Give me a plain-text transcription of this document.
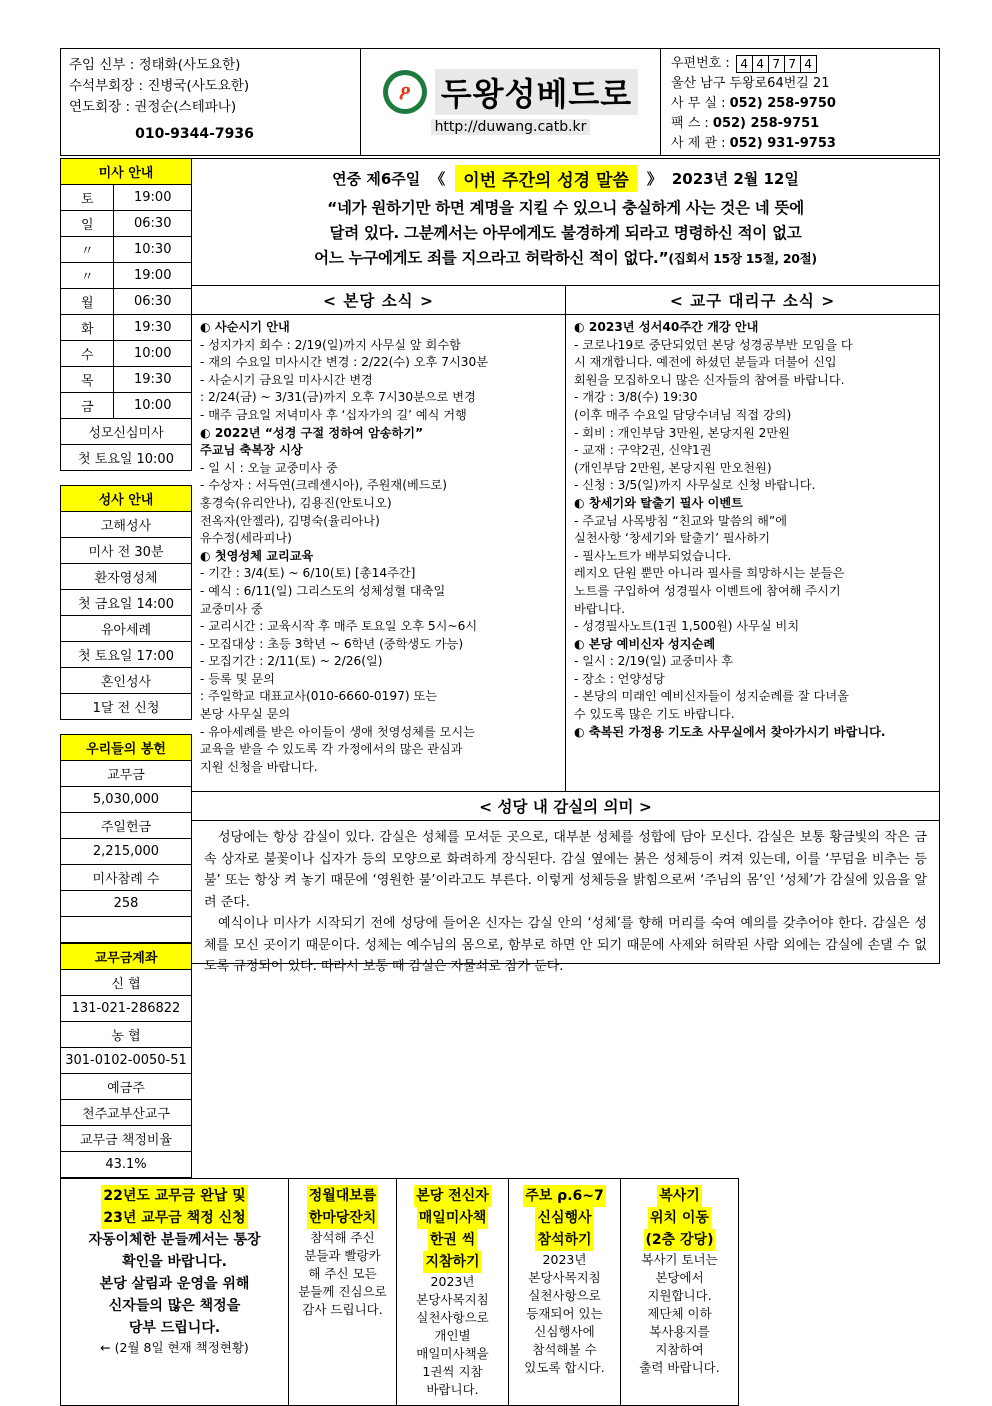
주임 신부 : 정태화(사도요한)
수석부회장 : 진병국(사도요한)
연도회장 : 권정순(스테파나)
010-9344-7936
ዖ 두왕성베드로
http://duwang.catb.kr
우편번호 : 4 4 7 7 4
울산 남구 두왕로64번길 21
사 무 실 : 052) 258-9750
팩 스 : 052) 258-9751
사 제 관 : 052) 931-9753
미사 안내	
토	19:00
일	06:30
〃	10:30
〃	19:00
월	06:30
화	19:30
수	10:00
목	19:30
금	10:00
성모신심미사	
첫 토요일 10:00	

성사 안내
고해성사
미사 전 30분
환자영성체
첫 금요일 14:00
유아세례
첫 토요일 17:00
혼인성사
1달 전 신청

우리들의 봉헌
교무금
5,030,000
주일헌금
2,215,000
미사참례 수
258

교무금계좌
신 협
131-021-286822
농 협
301-0102-0050-51
예금주
천주교부산교구
교무금 책정비율
43.1%
연중 제6주일 《	이번 주간의 성경 말씀	》 2023년 2월 12일
“네가 원하기만 하면 계명을 지킬 수 있으니 충실하게 사는 것은 네 뜻에
달려 있다. 그분께서는 아무에게도 불경하게 되라고 명령하신 적이 없고
어느 누구에게도 죄를 지으라고 허락하신 적이 없다.”(집회서 15장 15절, 20절)
< 본당 소식 >

◐ 사순시기 안내

- 성지가지 회수 : 2/19(일)까지 사무실 앞 회수함

- 재의 수요일 미사시간 변경 : 2/22(수) 오후 7시30분

- 사순시기 금요일 미사시간 변경

: 2/24(금) ~ 3/31(금)까지 오후 7시30분으로 변경

- 매주 금요일 저녁미사 후 ‘십자가의 길’ 예식 거행

◐ 2022년 “성경 구절 정하여 암송하기”

주교님 축복장 시상

- 일 시 : 오늘 교중미사 중

- 수상자 : 서득연(크레센시아), 주원재(베드로)

홍경숙(유리안나), 김용진(안토니오)

전옥자(안젤라), 김명숙(율리아나)

유수정(세라피나)

◐ 첫영성체 교리교육

- 기간 : 3/4(토) ~ 6/10(토) [총14주간]

- 예식 : 6/11(일) 그리스도의 성체성혈 대축일

교중미사 중

- 교리시간 : 교육시작 후 매주 토요일 오후 5시~6시

- 모집대상 : 초등 3학년 ~ 6학년 (중학생도 가능)

- 모집기간 : 2/11(토) ~ 2/26(일)

- 등록 및 문의

: 주일학교 대표교사(010-6660-0197) 또는

본당 사무실 문의

- 유아세례를 받은 아이들이 생애 첫영성체를 모시는

교육을 받을 수 있도록 각 가정에서의 많은 관심과

지원 신청을 바랍니다.

< 교구 대리구 소식 >

◐ 2023년 성서40주간 개강 안내

- 코로나19로 중단되었던 본당 성경공부반 모임을 다

시 재개합니다. 예전에 하셨던 분들과 더불어 신입

회원을 모집하오니 많은 신자들의 참여를 바랍니다.

- 개강 : 3/8(수) 19:30

(이후 매주 수요일 담당수녀님 직접 강의)

- 회비 : 개인부담 3만원, 본당지원 2만원

- 교재 : 구약2권, 신약1권

(개인부담 2만원, 본당지원 만오천원)

- 신청 : 3/5(일)까지 사무실로 신청 바랍니다.

◐ 창세기와 탈출기 필사 이벤트

- 주교님 사목방침 “친교와 말씀의 해”에

실천사항 ‘창세기와 탈출기’ 필사하기

- 필사노트가 배부되었습니다.

레지오 단원 뿐만 아니라 필사를 희망하시는 분들은

노트를 구입하여 성경필사 이벤트에 참여해 주시기

바랍니다.

- 성경필사노트(1권 1,500원) 사무실 비치

◐ 본당 예비신자 성지순례

- 일시 : 2/19(일) 교중미사 후

- 장소 : 언양성당

- 본당의 미래인 예비신자들이 성지순례를 잘 다녀올

수 있도록 많은 기도 바랍니다.

◐ 축복된 가정용 기도초 사무실에서 찾아가시기 바랍니다.

< 성당 내 감실의 의미 >

성당에는 항상 감실이 있다. 감실은 성체를 모셔둔 곳으로, 대부분 성체를 성합에 담아 모신다. 감실은 보통 황금빛의 작은 금속 상자로 불꽃이나 십자가 등의 모양으로 화려하게 장식된다. 감실 옆에는 붉은 성체등이 켜져 있는데, 이를 ‘무덤을 비추는 등불’ 또는 항상 켜 놓기 때문에 ‘영원한 불’이라고도 부른다. 이렇게 성체등을 밝힘으로써 ‘주님의 몸’인 ‘성체’가 감실에 있음을 알려 준다.

예식이나 미사가 시작되기 전에 성당에 들어온 신자는 감실 안의 ‘성체’를 향해 머리를 숙여 예의를 갖추어야 한다. 감실은 성체를 모신 곳이기 때문이다. 성체는 예수님의 몸으로, 함부로 하면 안 되기 때문에 사제와 허락된 사람 외에는 감실에 손댈 수 없도록 규정되어 있다. 따라서 보통 때 감실은 자물쇠로 잠가 둔다.

22년도 교무금 완납 및

23년 교무금 책정 신청

자동이체한 분들께서는 통장

확인을 바랍니다.

본당 살림과 운영을 위해

신자들의 많은 책정을

당부 드립니다.

← (2월 8일 현재 책정현황)

정월대보름

한마당잔치

참석해 주신

분들과 빨랑카

해 주신 모든

분들께 진심으로

감사 드립니다.

본당 전신자

매일미사책

한권 씩

지참하기

2023년

본당사목지침

실천사항으로

개인별

매일미사책을

1권씩 지참

바랍니다.

주보 ρ.6~7

신심행사

참석하기

2023년

본당사목지침

실천사항으로

등재되어 있는

신심행사에

참석해볼 수

있도록 합시다.

복사기

위치 이동

(2층 강당)

복사기 토너는

본당에서

지원합니다.

제단체 이하

복사용지를

지참하여

출력 바랍니다.
